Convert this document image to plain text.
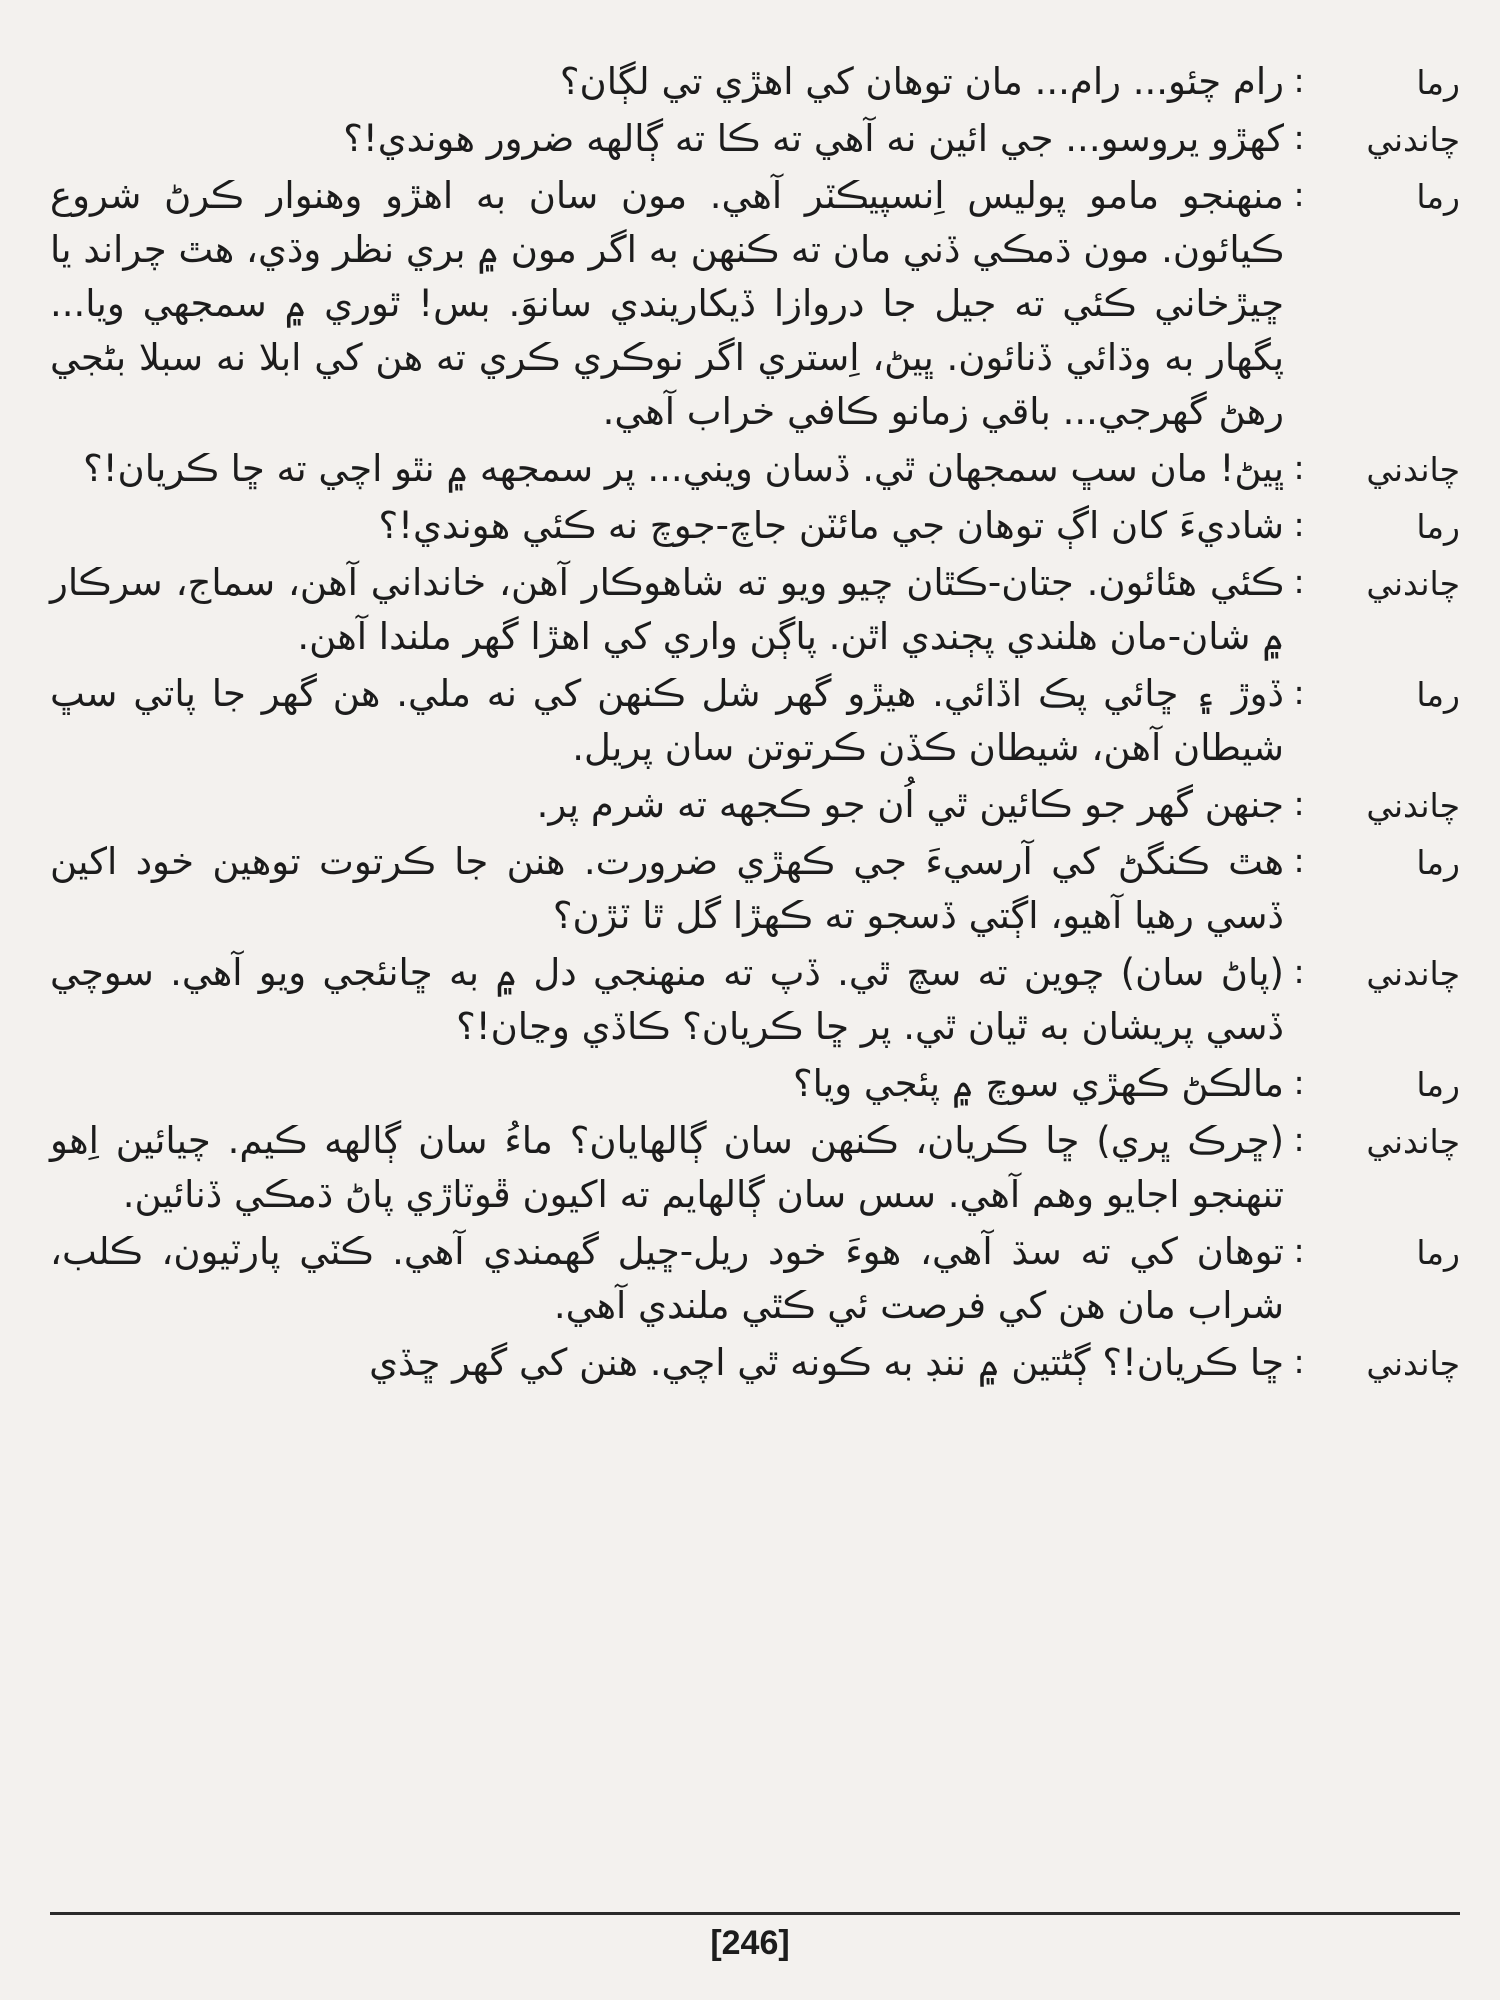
رما
:
رام چئو... رام... مان توهان کي اهڙي تي لڳان؟
چاندني
:
کهڙو يروسو... جي ائين نه آهي ته ڪا ته ڳالهه ضرور هوندي!؟
رما
:
منهنجو مامو پوليس اِنسپيڪٽر آهي. مون سان به اهڙو وهنوار ڪرڻ شروع ڪيائون. مون ڌمڪي ڏني مان ته ڪنهن به اگر مون ۾ بري نظر وڌي، هٿ چراند يا ڇيڙخاني ڪئي ته جيل جا دروازا ڏيکاريندي سانوَ. بس! ٿوري ۾ سمجهي ويا... پگهار به وڌائي ڏنائون. ڀيڻ، اِستري اگر نوڪري ڪري ته هن کي ابلا نه سبلا بڻجي رهڻ گهرجي... باقي زمانو ڪافي خراب آهي.
چاندني
:
ڀيڻ! مان سڀ سمجهان ٿي. ڏسان ويني... پر سمجهه ۾ نٿو اچي ته ڇا ڪريان!؟
رما
:
شاديءَ کان اڳ توهان جي مائٽن جاچ-جوچ نه ڪئي هوندي!؟
چاندني
:
ڪئي هئائون. جتان-ڪٿان چيو ويو ته شاهوڪار آهن، خانداني آهن، سماج، سرڪار ۾ شان-مان هلندي پڄندي اٿن. پاڳن واري کي اهڙا گهر ملندا آهن.
رما
:
ڏوڙ ۽ ڇائي پڪ اڏائي. هيڙو گهر شل ڪنهن کي نه ملي. هن گهر جا پاتي سڀ شيطان آهن، شيطان ڪڏن ڪرتوتن سان پريل.
چاندني
:
جنهن گهر جو ڪائين ٿي اُن جو ڪجهه ته شرم پر.
رما
:
هٿ ڪنگڻ کي آرسيءَ جي ڪهڙي ضرورت. هنن جا ڪرتوت توهين خود اکين ڏسي رهيا آهيو، اڳتي ڏسجو ته ڪهڙا گل ٿا ٽڙن؟
چاندني
:
(پاڻ سان) چوين ته سچ ٿي. ڏپ ته منهنجي دل ۾ به ڇانئجي ويو آهي. سوچي ڏسي پريشان به ٿيان ٿي. پر ڇا ڪريان؟ ڪاڏي وڃان!؟
رما
:
مالڪڻ ڪهڙي سوچ ۾ پئجي ويا؟
چاندني
:
(ڇرڪ ڀري) ڇا ڪريان، ڪنهن سان ڳالهايان؟ ماءُ سان ڳالهه ڪيم. چيائين اِهو تنهنجو اجايو وهم آهي. سس سان ڳالهايم ته اکيون ڦوٽاڙي پاڻ ڌمڪي ڏنائين.
رما
:
توهان کي ته سڌ آهي، هوءَ خود ريل-ڇيل گهمندي آهي. ڪٽي پارٽيون، ڪلب، شراب مان هن کي فرصت ئي ڪٿي ملندي آهي.
چاندني
:
ڇا ڪريان!؟ ڳڻتين ۾ ننڊ به ڪونه ٿي اچي. هنن کي گهر ڇڏي
[246]
